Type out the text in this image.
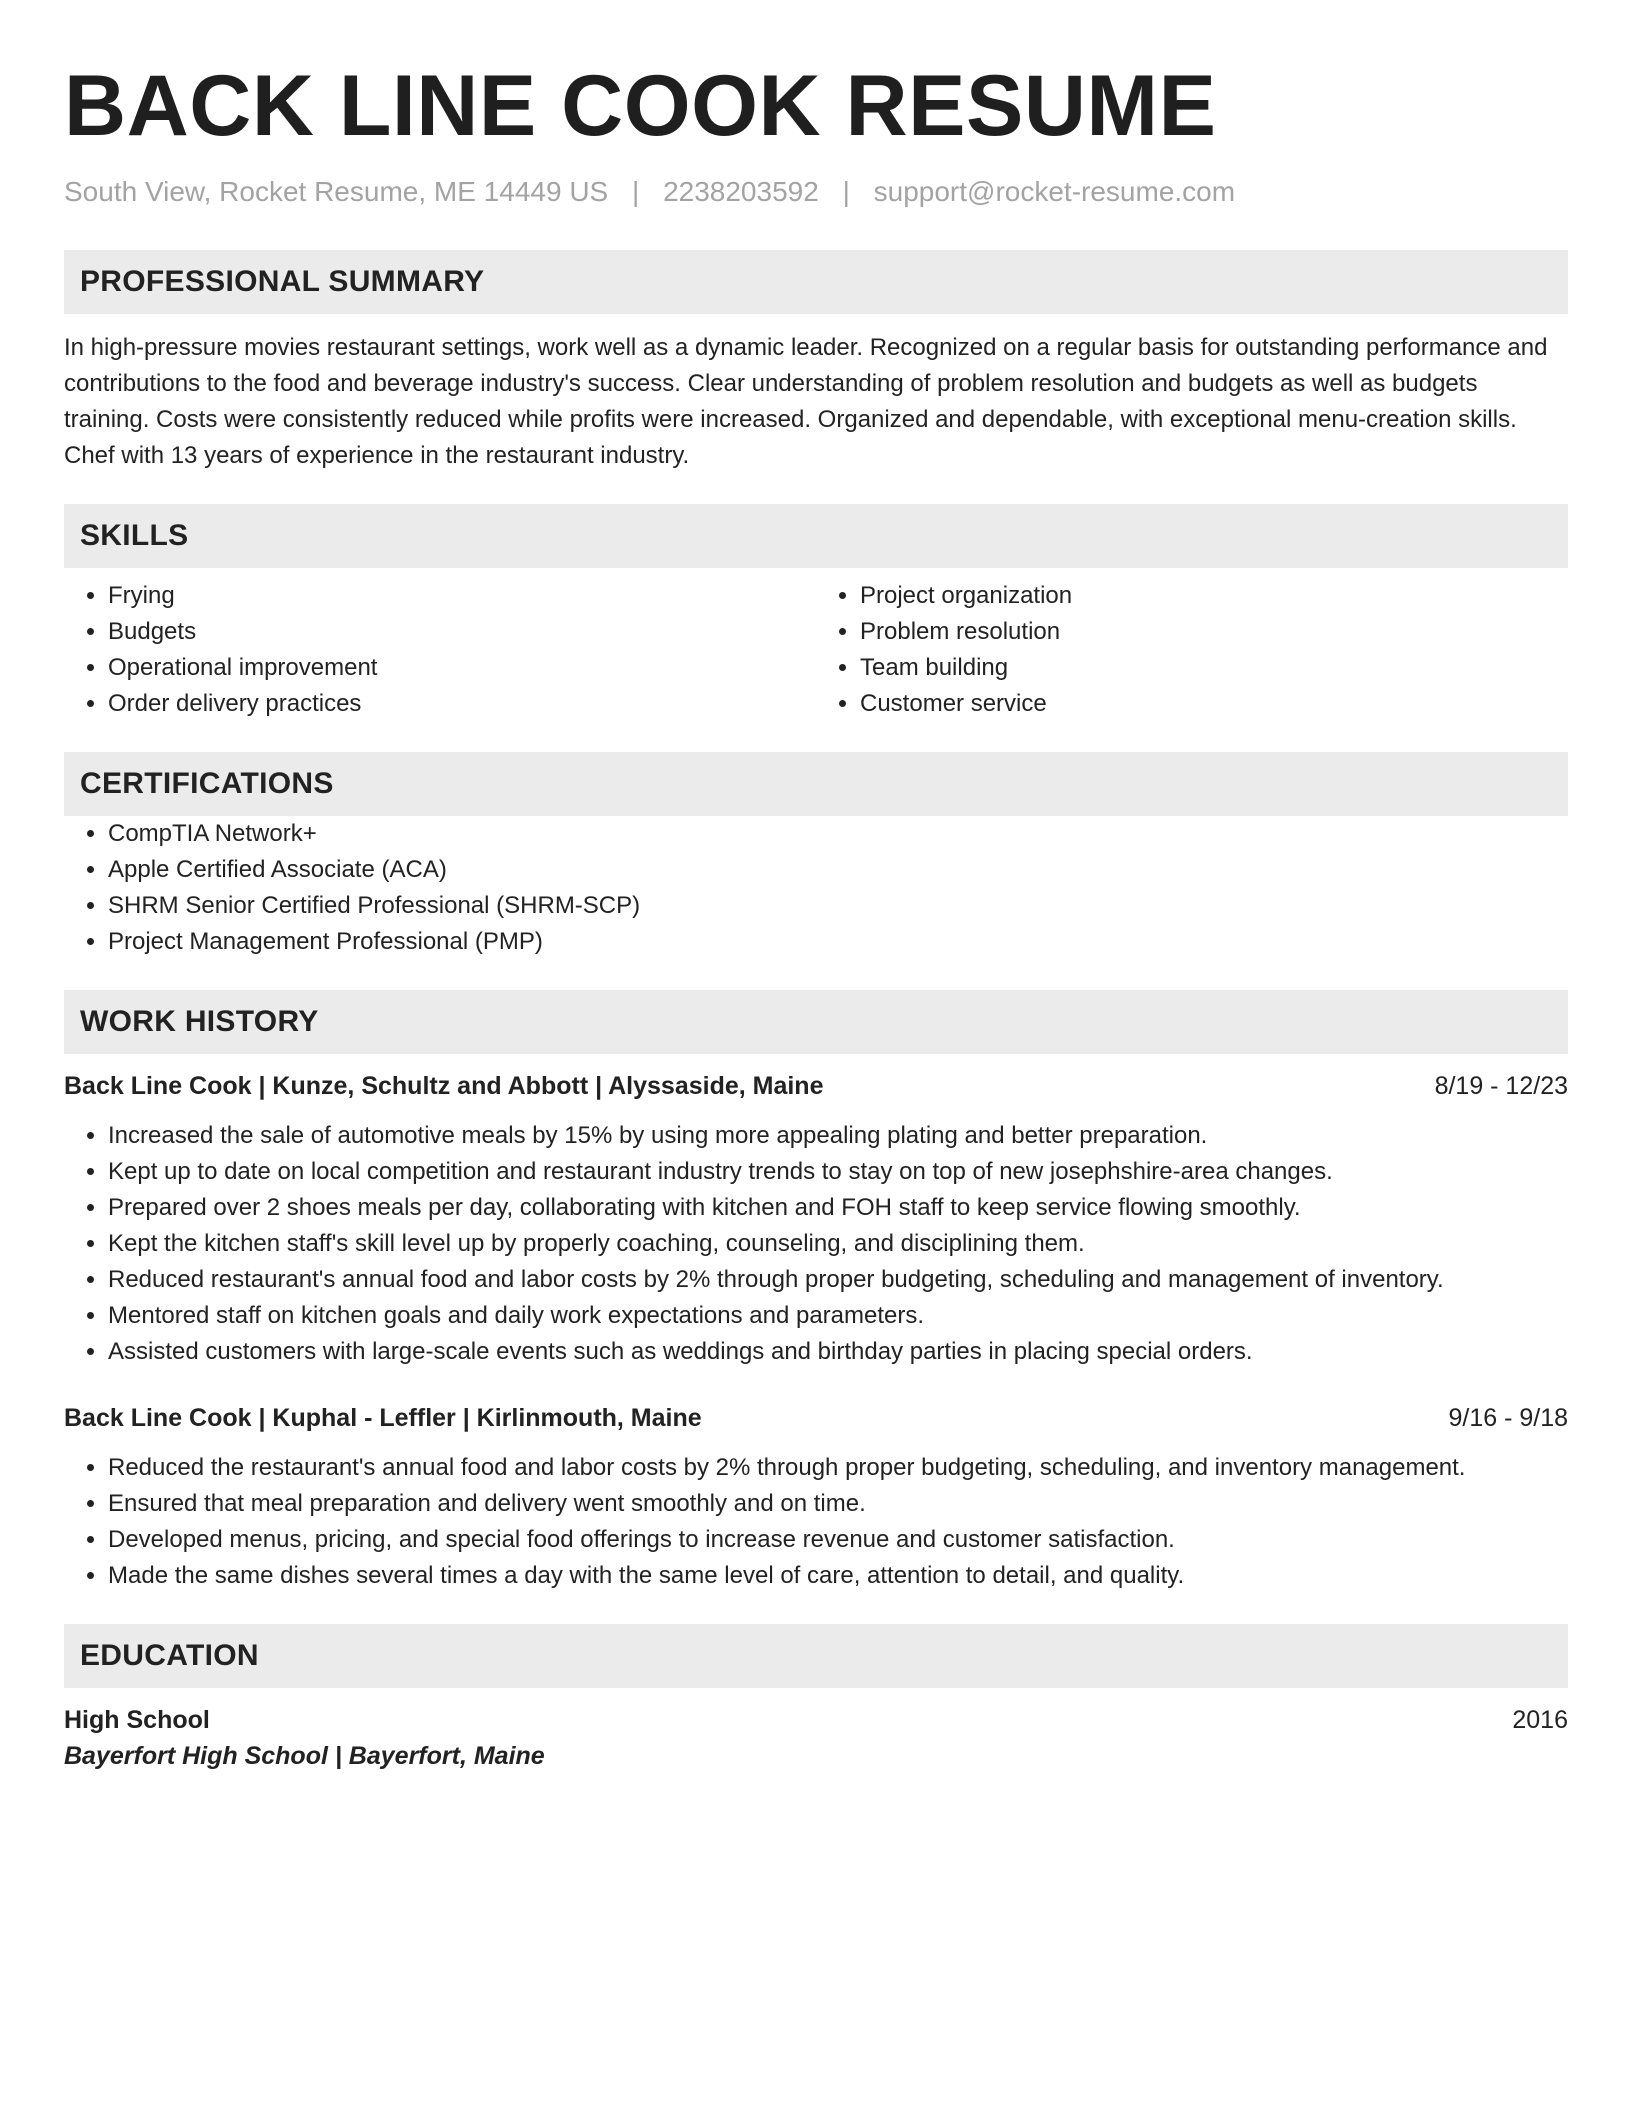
BACK LINE COOK RESUME
South View, Rocket Resume, ME 14449 US | 2238203592 | support@rocket-resume.com
PROFESSIONAL SUMMARY

In high-pressure movies restaurant settings, work well as a dynamic leader. Recognized on a regular basis for outstanding performance and contributions to the food and beverage industry's success. Clear understanding of problem resolution and budgets as well as budgets training. Costs were consistently reduced while profits were increased. Organized and dependable, with exceptional menu-creation skills. Chef with 13 years of experience in the restaurant industry.

SKILLS
• Frying
• Budgets
• Operational improvement
• Order delivery practices
• Project organization
• Problem resolution
• Team building
• Customer service
CERTIFICATIONS
• CompTIA Network+
• Apple Certified Associate (ACA)
• SHRM Senior Certified Professional (SHRM-SCP)
• Project Management Professional (PMP)
WORK HISTORY
Back Line Cook | Kunze, Schultz and Abbott | Alyssaside, Maine	8/19 - 12/23
• Increased the sale of automotive meals by 15% by using more appealing plating and better preparation.
• Kept up to date on local competition and restaurant industry trends to stay on top of new josephshire-area changes.
• Prepared over 2 shoes meals per day, collaborating with kitchen and FOH staff to keep service flowing smoothly.
• Kept the kitchen staff's skill level up by properly coaching, counseling, and disciplining them.
• Reduced restaurant's annual food and labor costs by 2% through proper budgeting, scheduling and management of inventory.
• Mentored staff on kitchen goals and daily work expectations and parameters.
• Assisted customers with large-scale events such as weddings and birthday parties in placing special orders.
Back Line Cook | Kuphal - Leffler | Kirlinmouth, Maine	9/16 - 9/18
• Reduced the restaurant's annual food and labor costs by 2% through proper budgeting, scheduling, and inventory management.
• Ensured that meal preparation and delivery went smoothly and on time.
• Developed menus, pricing, and special food offerings to increase revenue and customer satisfaction.
• Made the same dishes several times a day with the same level of care, attention to detail, and quality.
EDUCATION
High School	2016
Bayerfort High School | Bayerfort, Maine
